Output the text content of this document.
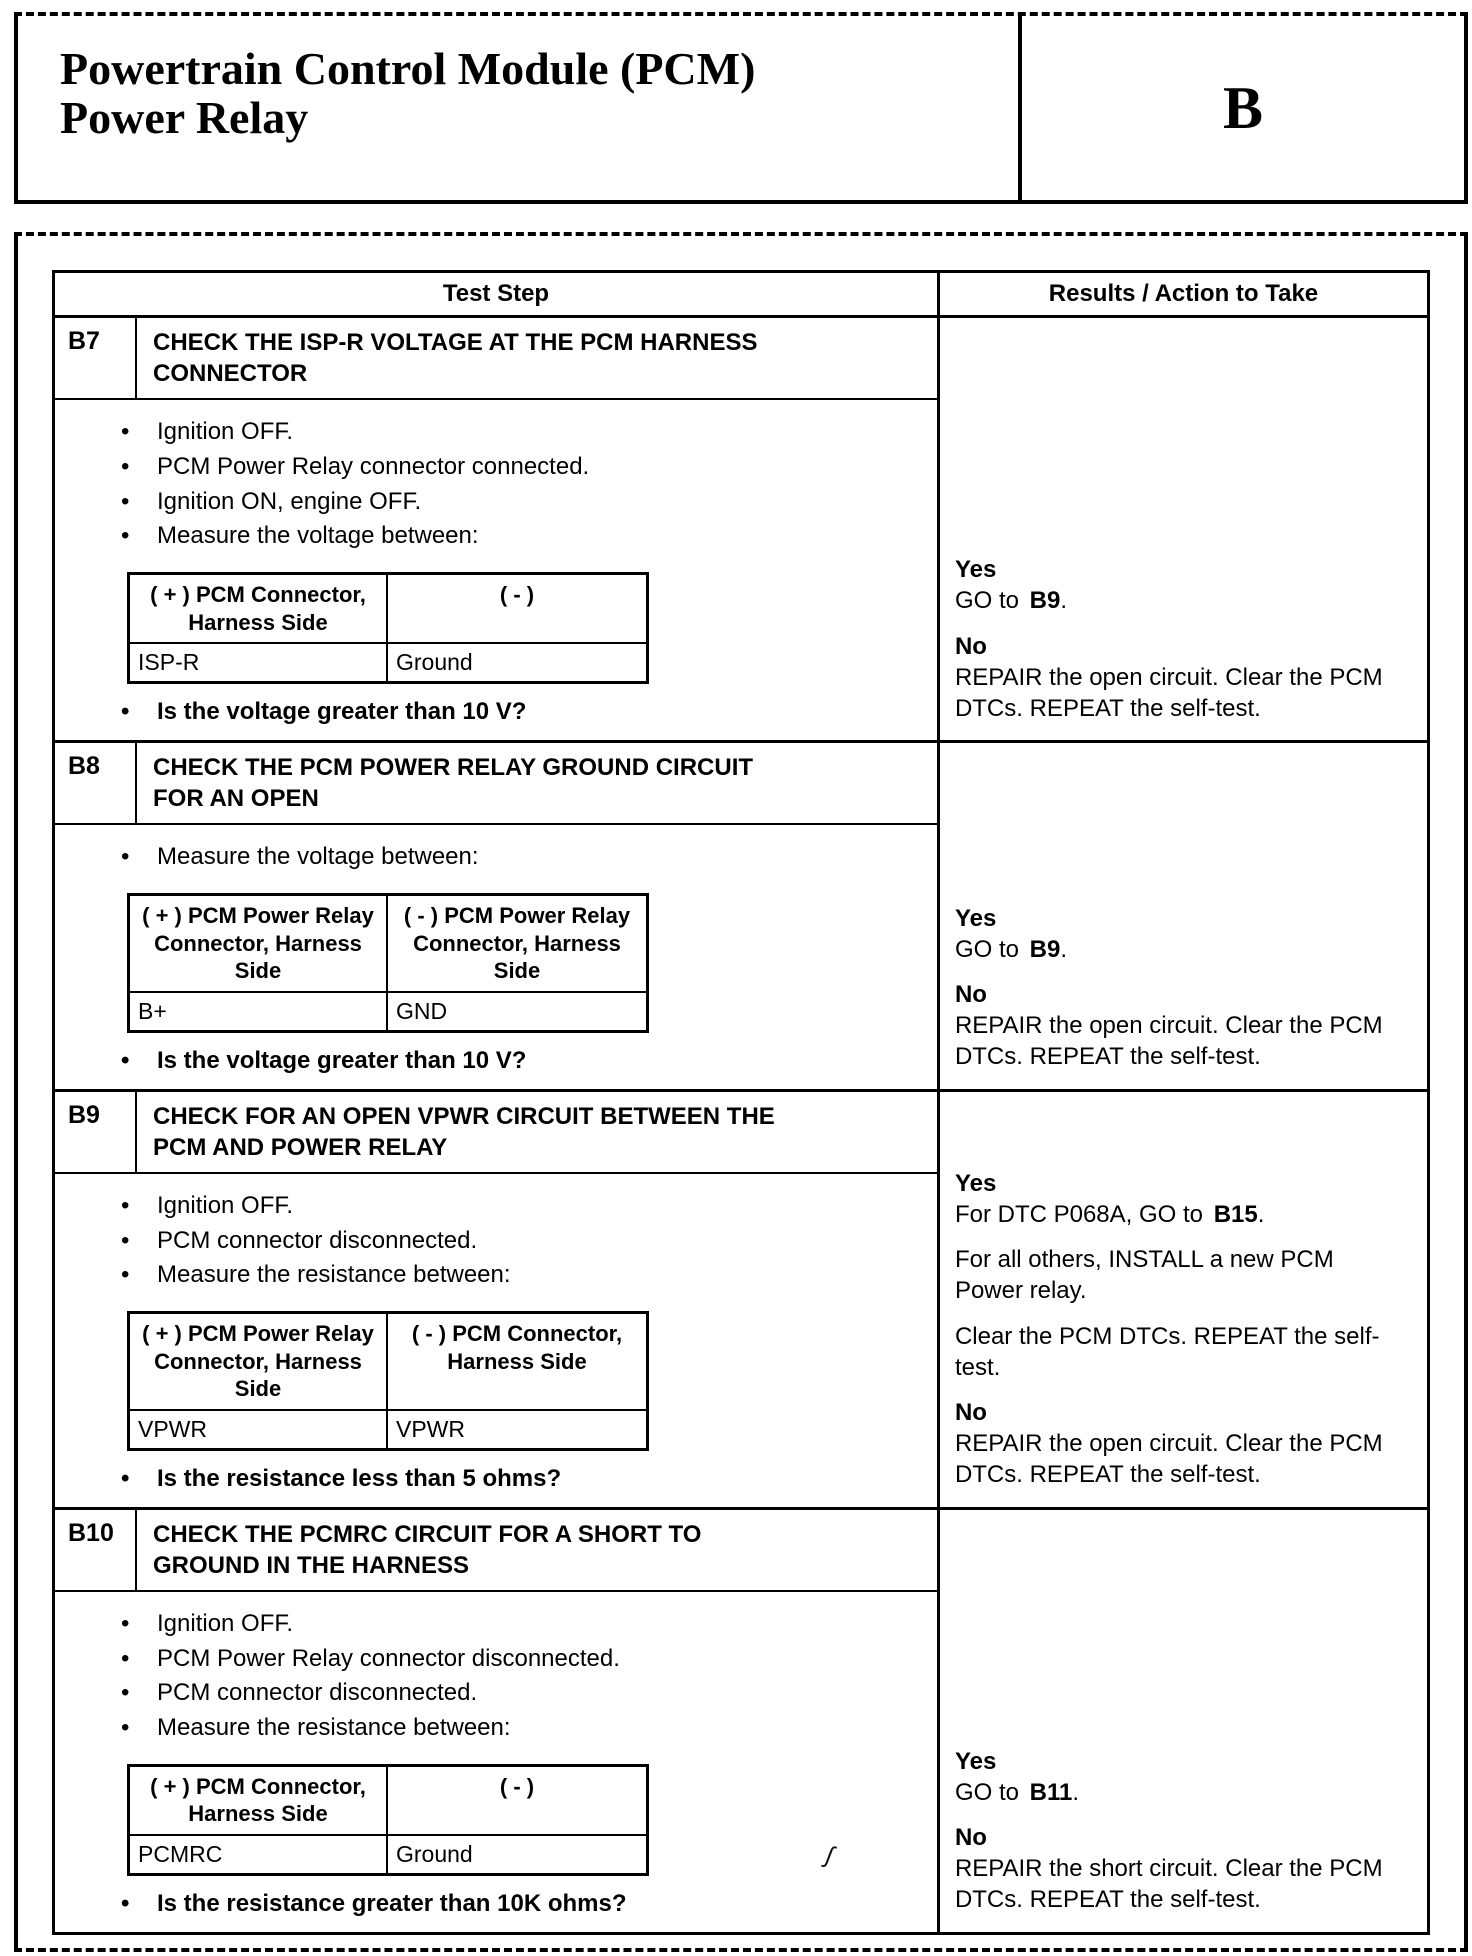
Powertrain Control Module (PCM)
Power Relay	B
Test Step	Results / Action to Take
B7	CHECK THE ISP-R VOLTAGE AT THE PCM HARNESS CONNECTOR
• Ignition OFF.
• PCM Power Relay connector connected.
• Ignition ON, engine OFF.
• Measure the voltage between:
( + ) PCM Connector, Harness Side
( - )
ISP-R	Ground
• Is the voltage greater than 10 V?
Yes

GO to B9.

No

REPAIR the open circuit. Clear the PCM DTCs. REPEAT the self-test.

B8	CHECK THE PCM POWER RELAY GROUND CIRCUIT FOR AN OPEN
• Measure the voltage between:
( + ) PCM Power Relay Connector, Harness Side
( - ) PCM Power Relay Connector, Harness Side
B+	GND
• Is the voltage greater than 10 V?
Yes

GO to B9.

No

REPAIR the open circuit. Clear the PCM DTCs. REPEAT the self-test.

B9	CHECK FOR AN OPEN VPWR CIRCUIT BETWEEN THE PCM AND POWER RELAY
• Ignition OFF.
• PCM connector disconnected.
• Measure the resistance between:
( + ) PCM Power Relay Connector, Harness Side
( - ) PCM Connector, Harness Side
VPWR	VPWR
• Is the resistance less than 5 ohms?
Yes

For DTC P068A, GO to B15.

For all others, INSTALL a new PCM Power relay.

Clear the PCM DTCs. REPEAT the self-test.

No

REPAIR the open circuit. Clear the PCM DTCs. REPEAT the self-test.

B10	CHECK THE PCMRC CIRCUIT FOR A SHORT TO GROUND IN THE HARNESS
• Ignition OFF.
• PCM Power Relay connector disconnected.
• PCM connector disconnected.
• Measure the resistance between:
( + ) PCM Connector, Harness Side
( - )
PCMRC	Ground
• Is the resistance greater than 10K ohms?
Yes

GO to B11.

No

REPAIR the short circuit. Clear the PCM DTCs. REPEAT the self-test.

ʃ
